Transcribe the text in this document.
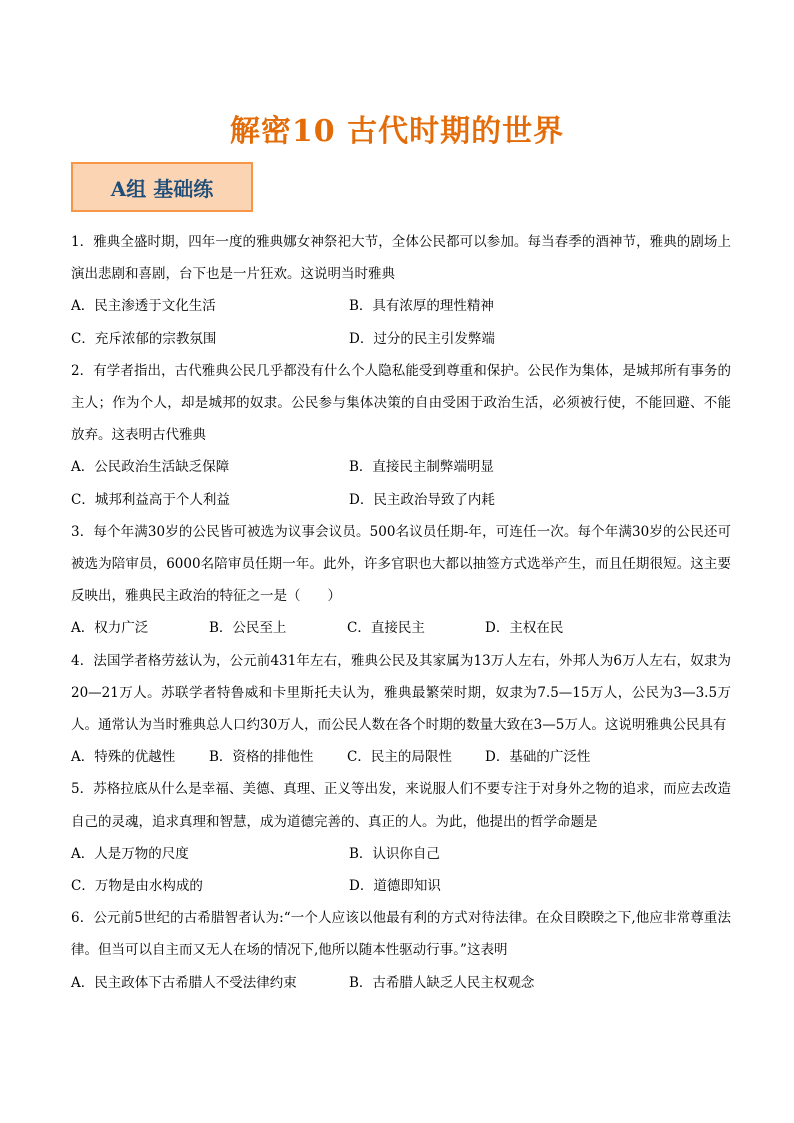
解密10 古代时期的世界
A组 基础练

1．雅典全盛时期，四年一度的雅典娜女神祭祀大节，全体公民都可以参加。每当春季的酒神节，雅典的剧场上演出悲剧和喜剧，台下也是一片狂欢。这说明当时雅典

A．民主渗透于文化生活	B．具有浓厚的理性精神
C．充斥浓郁的宗教氛围	D．过分的民主引发弊端

2．有学者指出，古代雅典公民几乎都没有什么个人隐私能受到尊重和保护。公民作为集体，是城邦所有事务的主人；作为个人，却是城邦的奴隶。公民参与集体决策的自由受困于政治生活，必须被行使，不能回避、不能放弃。这表明古代雅典

A．公民政治生活缺乏保障	B．直接民主制弊端明显
C．城邦利益高于个人利益	D．民主政治导致了内耗

3．每个年满30岁的公民皆可被选为议事会议员。500名议员任期-年，可连任一次。每个年满30岁的公民还可被选为陪审员，6000名陪审员任期一年。此外，许多官职也大都以抽签方式选举产生，而且任期很短。这主要反映出，雅典民主政治的特征之一是（　　）

A．权力广泛	B．公民至上	C．直接民主	D．主权在民

4．法国学者格劳兹认为，公元前431年左右，雅典公民及其家属为13万人左右，外邦人为6万人左右，奴隶为20—21万人。苏联学者特鲁威和卡里斯托夫认为，雅典最繁荣时期，奴隶为7.5—15万人，公民为3—3.5万人。通常认为当时雅典总人口约30万人，而公民人数在各个时期的数量大致在3—5万人。这说明雅典公民具有

A．特殊的优越性	B．资格的排他性	C．民主的局限性	D．基础的广泛性

5．苏格拉底从什么是幸福、美德、真理、正义等出发，来说服人们不要专注于对身外之物的追求，而应去改造自己的灵魂，追求真理和智慧，成为道德完善的、真正的人。为此，他提出的哲学命题是

A．人是万物的尺度	B．认识你自己
C．万物是由水构成的	D．道德即知识

6．公元前5世纪的古希腊智者认为:“一个人应该以他最有利的方式对待法律。在众目睽睽之下,他应非常尊重法律。但当可以自主而又无人在场的情况下,他所以随本性驱动行事。”这表明

A．民主政体下古希腊人不受法律约束	B．古希腊人缺乏人民主权观念
